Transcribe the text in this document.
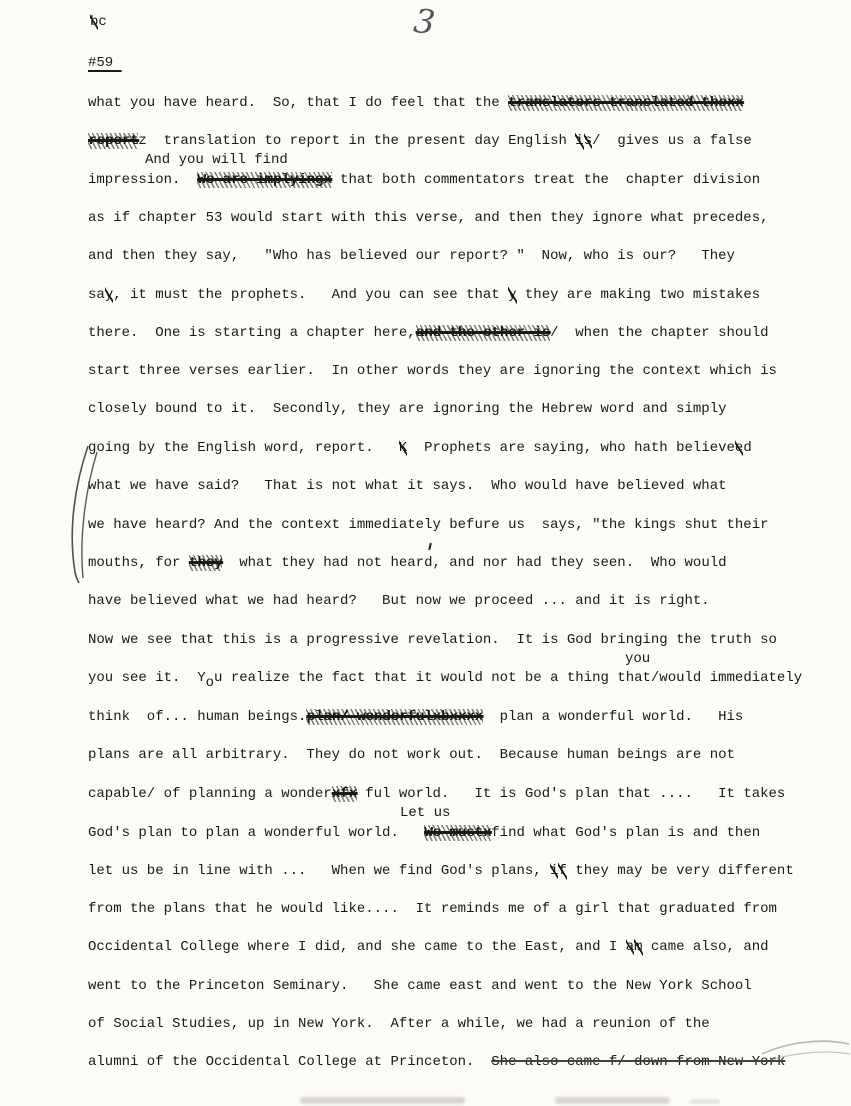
3
bc
#59
what you have heard.  So, that I do feel that the translators translated thexx
reportz  translation to report in the present day English is/  gives us a false
And you will find
impression.  We are implyingx that both commentators treat the  chapter division
as if chapter 53 would start with this verse, and then they ignore what precedes,
and then they say,   "Who has believed our report? "  Now, who is our?   They
say, it must the prophets.   And you can see that y they are making two mistakes
there.  One is starting a chapter here,and the other is/  when the chapter should
start three verses earlier.  In other words they are ignoring the context which is
closely bound to it.  Secondly, they are ignoring the Hebrew word and simply
going by the English word, report.   K  Prophets are saying, who hath believeed
what we have said?   That is not what it says.  Who would have believed what
we have heard? And the context immediately befure us  says, "the kings shut their
mouths, for they  what they had not heard, and nor had they seen.  Who would
have believed what we had heard?   But now we proceed ... and it is right.
Now we see that this is a progressive revelation.  It is God bringing the truth so
you
you see it.  You realize the fact that it would not be a thing that/would immediately
think  of... human beings.plan/ wonderfulxbxxxx  plan a wonderful world.   His
plans are all arbitrary.  They do not work out.  Because human beings are not
capable/ of planning a wonderxfx ful world.   It is God's plan that ....   It takes
Let us
God's plan to plan a wonderful world.   We mustxfind what God's plan is and then
let us be in line with ...   When we find God's plans, if they may be very different
from the plans that he would like....  It reminds me of a girl that graduated from
Occidental College where I did, and she came to the East, and I am came also, and
went to the Princeton Seminary.   She came east and went to the New York School
of Social Studies, up in New York.  After a while, we had a reunion of the
alumni of the Occidental College at Princeton.  She also came f/ down from New York
